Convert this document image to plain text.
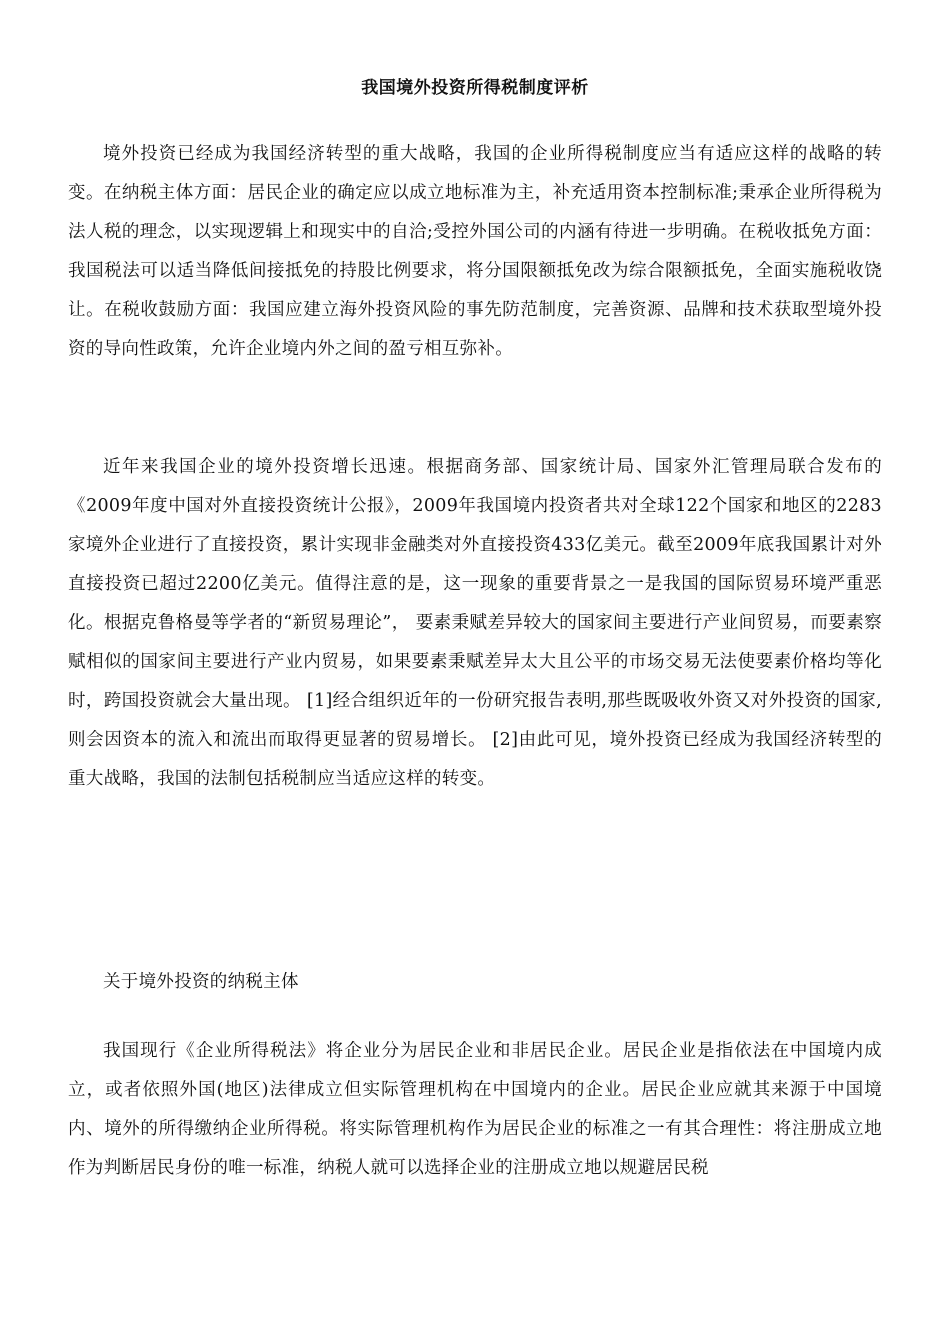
我国境外投资所得税制度评析

境外投资已经成为我国经济转型的重大战略，我国的企业所得税制度应当有适应这样的战略的转变。在纳税主体方面：居民企业的确定应以成立地标准为主，补充适用资本控制标准;秉承企业所得税为法人税的理念，以实现逻辑上和现实中的自洽;受控外国公司的内涵有待进一步明确。在税收抵免方面：我国税法可以适当降低间接抵免的持股比例要求，将分国限额抵免改为综合限额抵免，全面实施税收饶让。在税收鼓励方面：我国应建立海外投资风险的事先防范制度，完善资源、品牌和技术获取型境外投资的导向性政策，允许企业境内外之间的盈亏相互弥补。

近年来我国企业的境外投资增长迅速。根据商务部、国家统计局、国家外汇管理局联合发布的《2009年度中国对外直接投资统计公报》，2009年我国境内投资者共对全球122个国家和地区的2283家境外企业进行了直接投资，累计实现非金融类对外直接投资433亿美元。截至2009年底我国累计对外直接投资已超过2200亿美元。值得注意的是，这一现象的重要背景之一是我国的国际贸易环境严重恶化。根据克鲁格曼等学者的“新贸易理论”， 要素秉赋差异较大的国家间主要进行产业间贸易，而要素察赋相似的国家间主要进行产业内贸易，如果要素秉赋差异太大且公平的市场交易无法使要素价格均等化时，跨国投资就会大量出现。 [1]经合组织近年的一份研究报告表明,那些既吸收外资又对外投资的国家,则会因资本的流入和流出而取得更显著的贸易增长。 [2]由此可见，境外投资已经成为我国经济转型的重大战略，我国的法制包括税制应当适应这样的转变。

关于境外投资的纳税主体

我国现行《企业所得税法》将企业分为居民企业和非居民企业。居民企业是指依法在中国境内成立，或者依照外国(地区)法律成立但实际管理机构在中国境内的企业。居民企业应就其来源于中国境内、境外的所得缴纳企业所得税。将实际管理机构作为居民企业的标准之一有其合理性：将注册成立地作为判断居民身份的唯一标准，纳税人就可以选择企业的注册成立地以规避居民税
